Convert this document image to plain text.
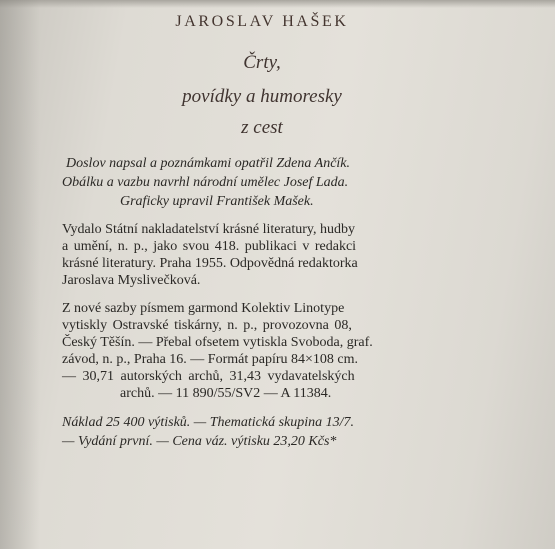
JAROSLAV HAŠEK
Črty,
povídky a humoresky
z cest
Doslov napsal a poznámkami opatřil Zdena Ančík.
Obálku a vazbu navrhl národní umělec Josef Lada.
Graficky upravil František Mašek.
Vydalo Státní nakladatelství krásné literatury, hudby
a umění, n. p., jako svou 418. publikaci v redakci
krásné literatury. Praha 1955. Odpovědná redaktorka
Jaroslava Myslivečková.
Z nové sazby písmem garmond Kolektiv Linotype
vytiskly Ostravské tiskárny, n. p., provozovna 08,
Český Těšín. — Přebal ofsetem vytiskla Svoboda, graf.
závod, n. p., Praha 16. — Formát papíru 84×108 cm.
— 30,71 autorských archů, 31,43 vydavatelských
archů. — 11 890/55/SV2 — A 11384.
Náklad 25 400 výtisků. — Thematická skupina 13/7.
— Vydání první. — Cena váz. výtisku 23,20 Kčs*
